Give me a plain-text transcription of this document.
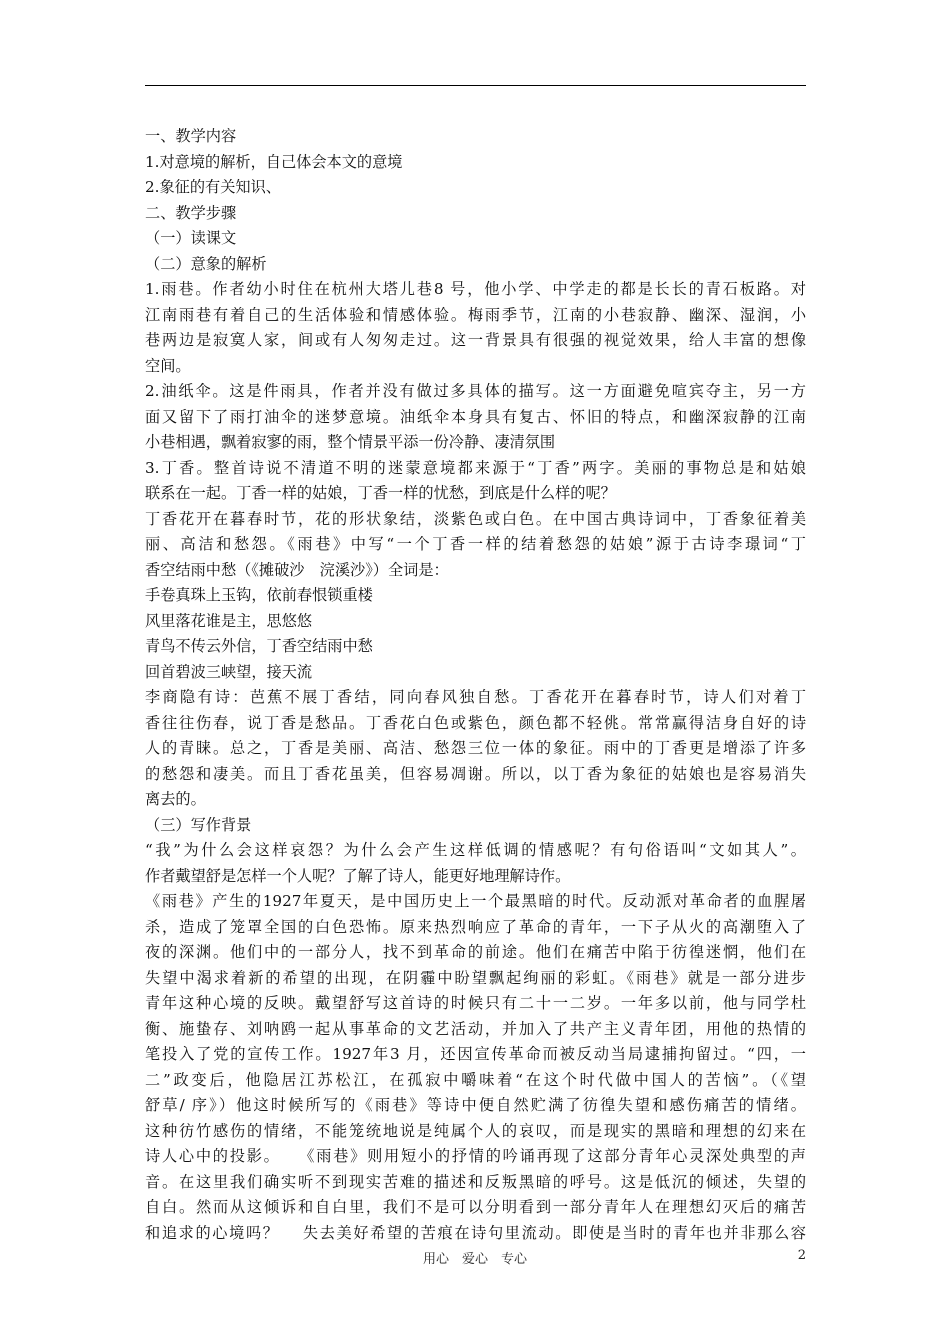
一、教学内容
1.对意境的解析，自己体会本文的意境
2.象征的有关知识、
二、教学步骤
（一）读课文
（二）意象的解析
1.雨巷。作者幼小时住在杭州大塔儿巷8 号，他小学、中学走的都是长长的青石板路。对
江南雨巷有着自己的生活体验和情感体验。梅雨季节，江南的小巷寂静、幽深、湿润，小
巷两边是寂寞人家，间或有人匆匆走过。这一背景具有很强的视觉效果，给人丰富的想像
空间。
2.油纸伞。这是件雨具，作者并没有做过多具体的描写。这一方面避免喧宾夺主，另一方
面又留下了雨打油伞的迷梦意境。油纸伞本身具有复古、怀旧的特点，和幽深寂静的江南
小巷相遇，飘着寂寥的雨，整个情景平添一份冷静、凄清氛围
3.丁香。整首诗说不清道不明的迷蒙意境都来源于“丁香”两字。美丽的事物总是和姑娘
联系在一起。丁香一样的姑娘，丁香一样的忧愁，到底是什么样的呢？
丁香花开在暮春时节，花的形状象结，淡紫色或白色。在中国古典诗词中，丁香象征着美
丽、高洁和愁怨。《雨巷》中写“一个丁香一样的结着愁怨的姑娘”源于古诗李璟词“丁
香空结雨中愁（《摊破沙　浣溪沙》）全词是：
手卷真珠上玉钩，依前春恨锁重楼
风里落花谁是主，思悠悠
青鸟不传云外信，丁香空结雨中愁
回首碧波三峡望，接天流
李商隐有诗：芭蕉不展丁香结，同向春风独自愁。丁香花开在暮春时节，诗人们对着丁
香往往伤春，说丁香是愁品。丁香花白色或紫色，颜色都不轻佻。常常赢得洁身自好的诗
人的青睐。总之，丁香是美丽、高洁、愁怨三位一体的象征。雨中的丁香更是增添了许多
的愁怨和凄美。而且丁香花虽美，但容易凋谢。所以，以丁香为象征的姑娘也是容易消失
离去的。
（三）写作背景
“我”为什么会这样哀怨？为什么会产生这样低调的情感呢？有句俗语叫“文如其人”。
作者戴望舒是怎样一个人呢？了解了诗人，能更好地理解诗作。
《雨巷》产生的1927年夏天，是中国历史上一个最黑暗的时代。反动派对革命者的血腥屠
杀，造成了笼罩全国的白色恐怖。原来热烈响应了革命的青年，一下子从火的高潮堕入了
夜的深渊。他们中的一部分人，找不到革命的前途。他们在痛苦中陷于彷徨迷惘，他们在
失望中渴求着新的希望的出现，在阴霾中盼望飘起绚丽的彩虹。《雨巷》就是一部分进步
青年这种心境的反映。戴望舒写这首诗的时候只有二十一二岁。一年多以前，他与同学杜
衡、施蛰存、刘呐鸥一起从事革命的文艺活动，并加入了共产主义青年团，用他的热情的
笔投入了党的宣传工作。1927年3 月，还因宣传革命而被反动当局逮捕拘留过。“四，一
二”政变后，他隐居江苏松江，在孤寂中嚼味着“在这个时代做中国人的苦恼”。（《望
舒草/ 序》）他这时候所写的《雨巷》等诗中便自然贮满了彷徨失望和感伤痛苦的情绪。
这种彷竹感伤的情绪，不能笼统地说是纯属个人的哀叹，而是现实的黑暗和理想的幻来在
诗人心中的投影。　　《雨巷》则用短小的抒情的吟诵再现了这部分青年心灵深处典型的声
音。在这里我们确实听不到现实苦难的描述和反叛黑暗的呼号。这是低沉的倾述，失望的
自白。然而从这倾诉和自白里，我们不是可以分明看到一部分青年人在理想幻灭后的痛苦
和追求的心境吗？　 失去美好希望的苦痕在诗句里流动。即使是当时的青年也并非那么容
用心　爱心　专心	2
